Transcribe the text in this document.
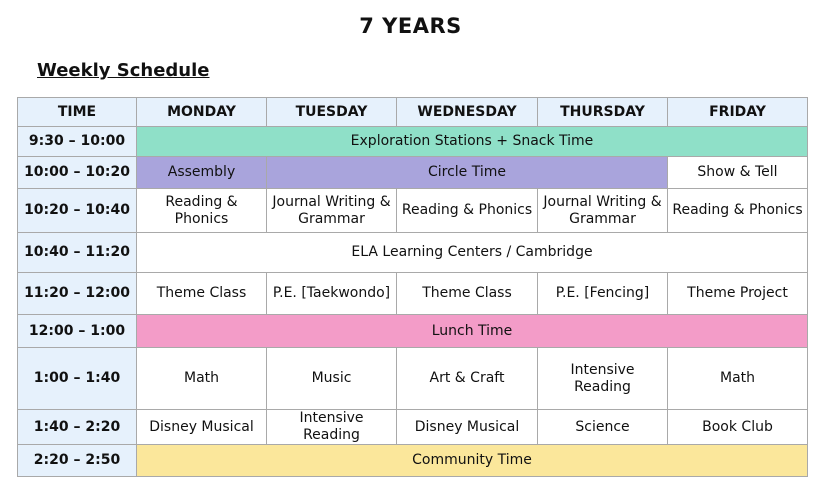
7 YEARS
Weekly Schedule
TIME	MONDAY	TUESDAY	WEDNESDAY	THURSDAY	FRIDAY
9:30 – 10:00	Exploration Stations + Snack Time				
10:00 – 10:20	Assembly	Circle Time			Show & Tell
10:20 – 10:40	Reading & Phonics	Journal Writing & Grammar	Reading & Phonics	Journal Writing & Grammar	Reading & Phonics
10:40 – 11:20	ELA Learning Centers / Cambridge				
11:20 – 12:00	Theme Class	P.E. [Taekwondo]	Theme Class	P.E. [Fencing]	Theme Project
12:00 – 1:00	Lunch Time				
1:00 – 1:40	Math	Music	Art & Craft	Intensive Reading	Math
1:40 – 2:20	Disney Musical	Intensive Reading	Disney Musical	Science	Book Club
2:20 – 2:50	Community Time				
